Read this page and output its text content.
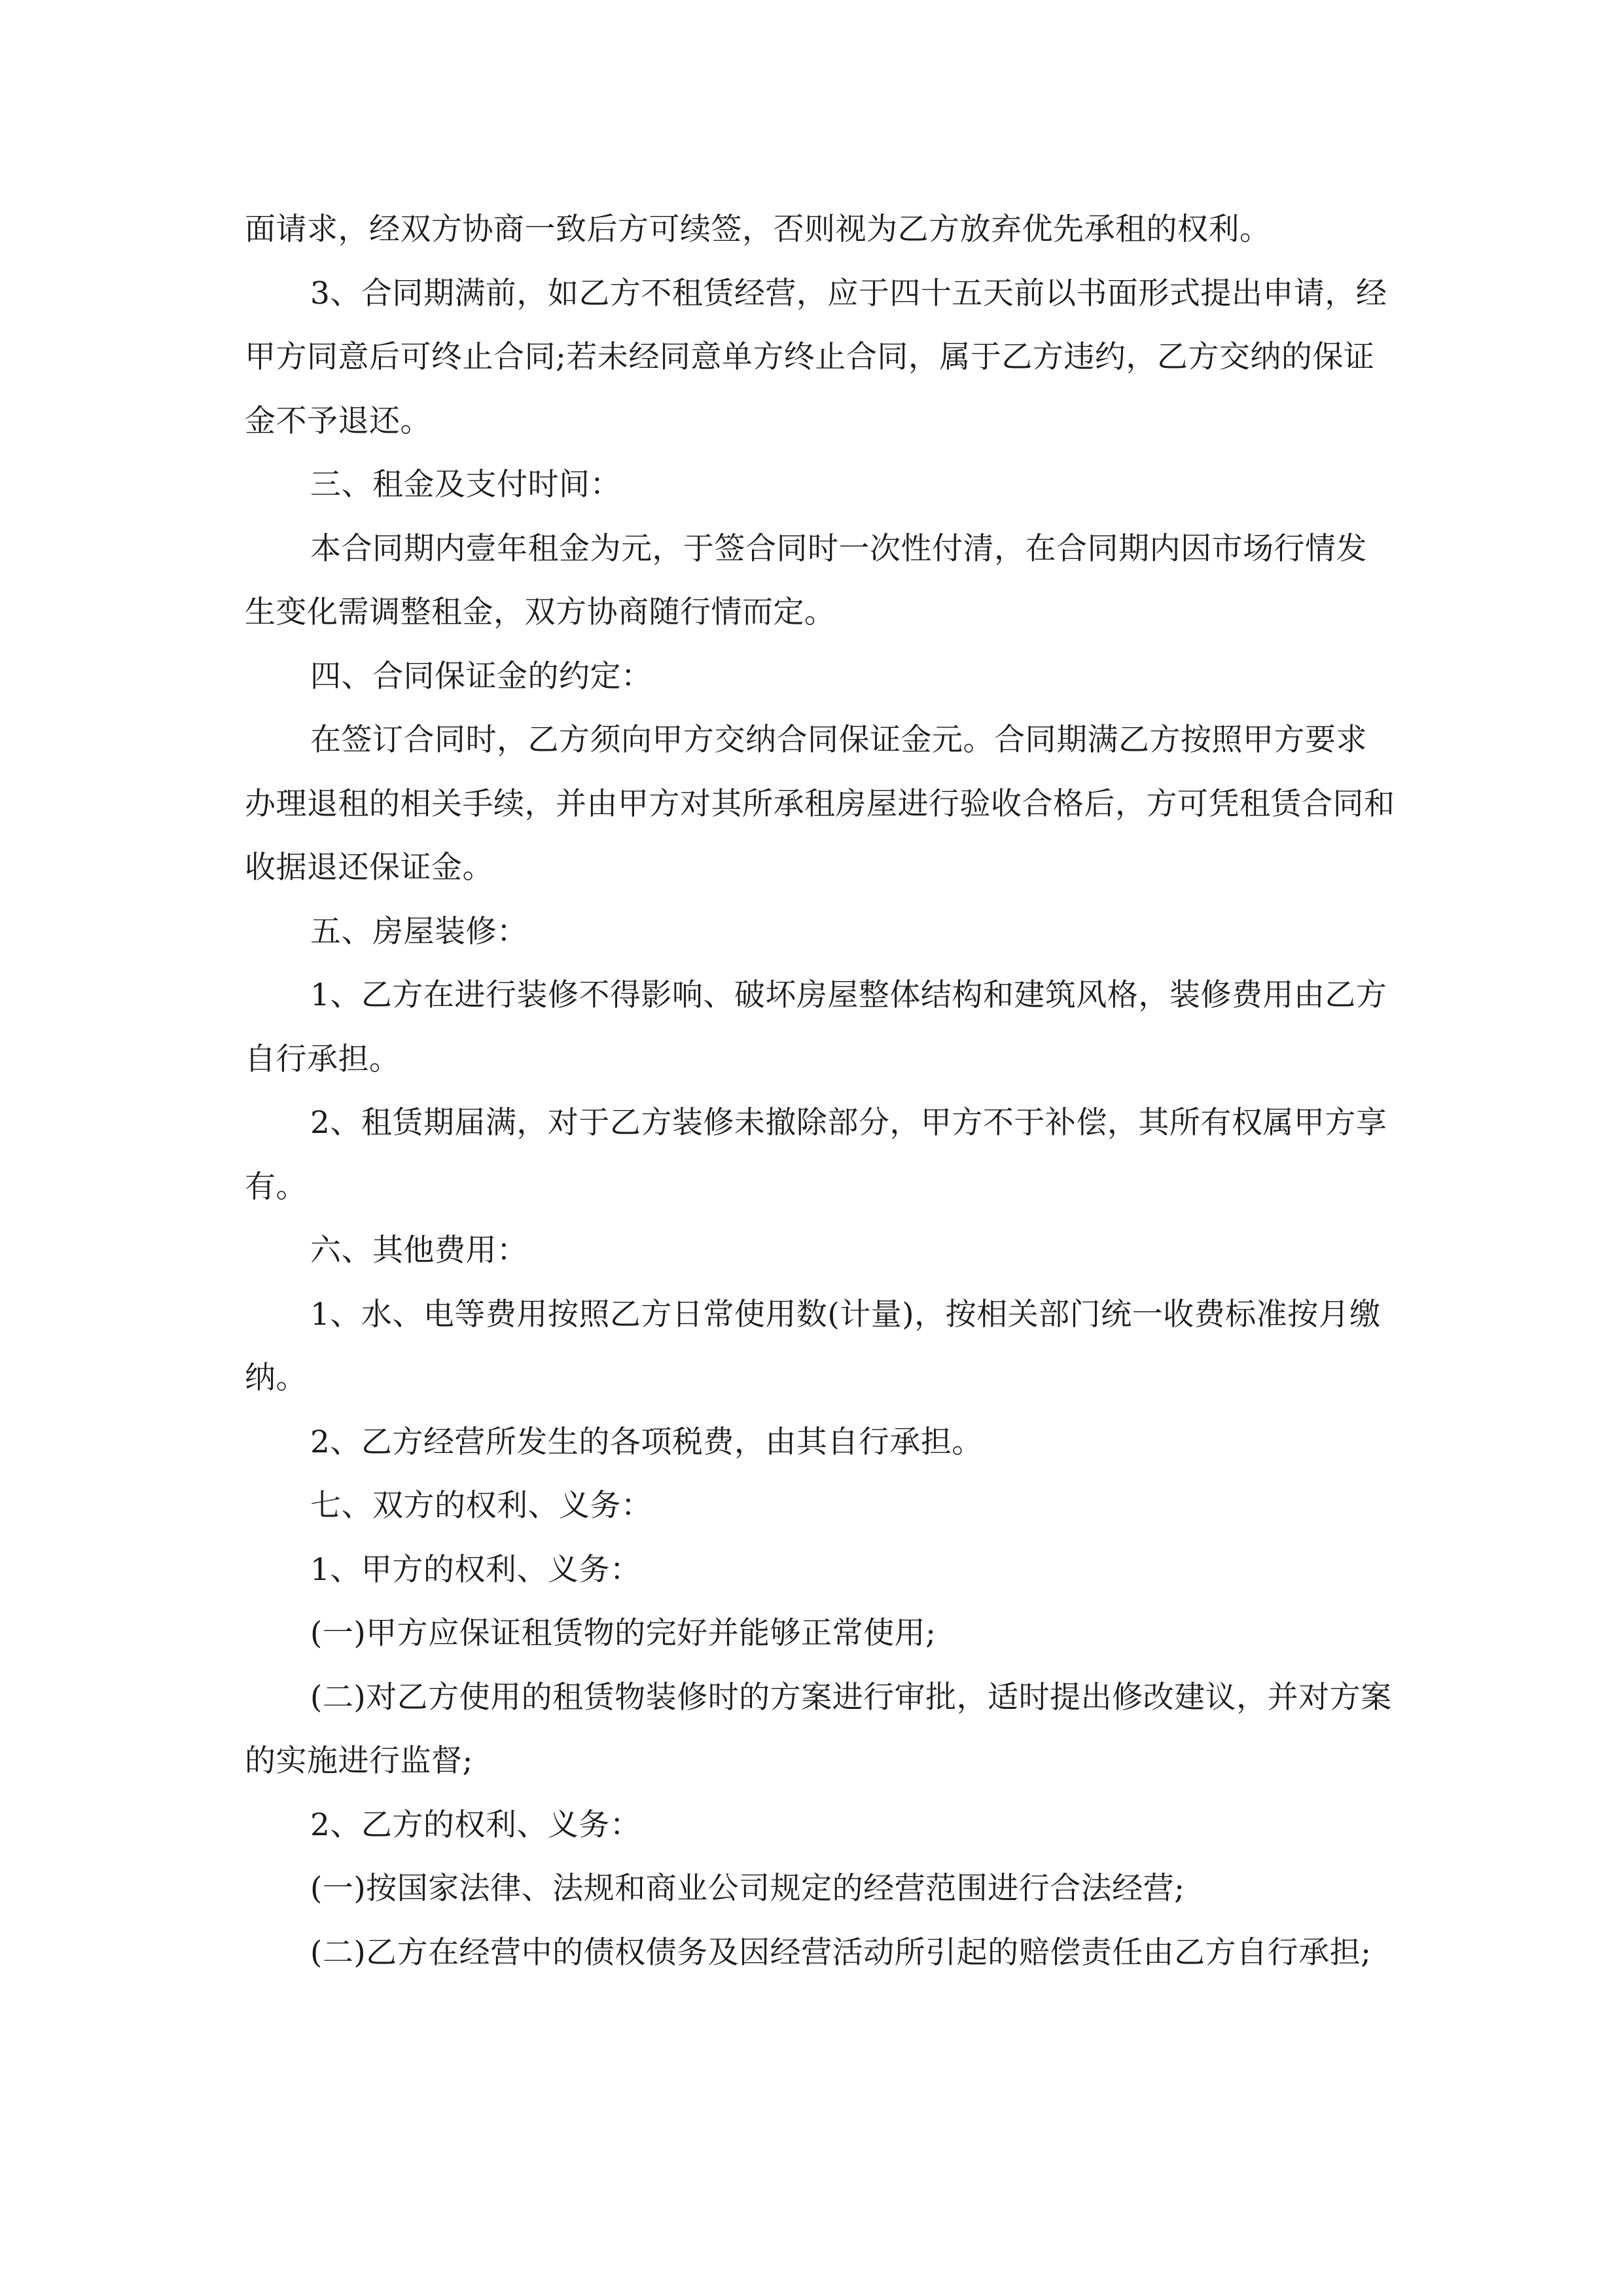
面请求，经双方协商一致后方可续签，否则视为乙方放弃优先承租的权利。

3、合同期满前，如乙方不租赁经营，应于四十五天前以书面形式提出申请，经甲方同意后可终止合同;若未经同意单方终止合同，属于乙方违约，乙方交纳的保证金不予退还。

三、租金及支付时间：

本合同期内壹年租金为元，于签合同时一次性付清，在合同期内因市场行情发生变化需调整租金，双方协商随行情而定。

四、合同保证金的约定：

在签订合同时，乙方须向甲方交纳合同保证金元。合同期满乙方按照甲方要求办理退租的相关手续，并由甲方对其所承租房屋进行验收合格后，方可凭租赁合同和收据退还保证金。

五、房屋装修：

1、乙方在进行装修不得影响、破坏房屋整体结构和建筑风格，装修费用由乙方自行承担。

2、租赁期届满，对于乙方装修未撤除部分，甲方不于补偿，其所有权属甲方享有。

六、其他费用：

1、水、电等费用按照乙方日常使用数(计量)，按相关部门统一收费标准按月缴纳。

2、乙方经营所发生的各项税费，由其自行承担。

七、双方的权利、义务：

1、甲方的权利、义务：

(一)甲方应保证租赁物的完好并能够正常使用;

(二)对乙方使用的租赁物装修时的方案进行审批，适时提出修改建议，并对方案的实施进行监督;

2、乙方的权利、义务：

(一)按国家法律、法规和商业公司规定的经营范围进行合法经营;

(二)乙方在经营中的债权债务及因经营活动所引起的赔偿责任由乙方自行承担;
